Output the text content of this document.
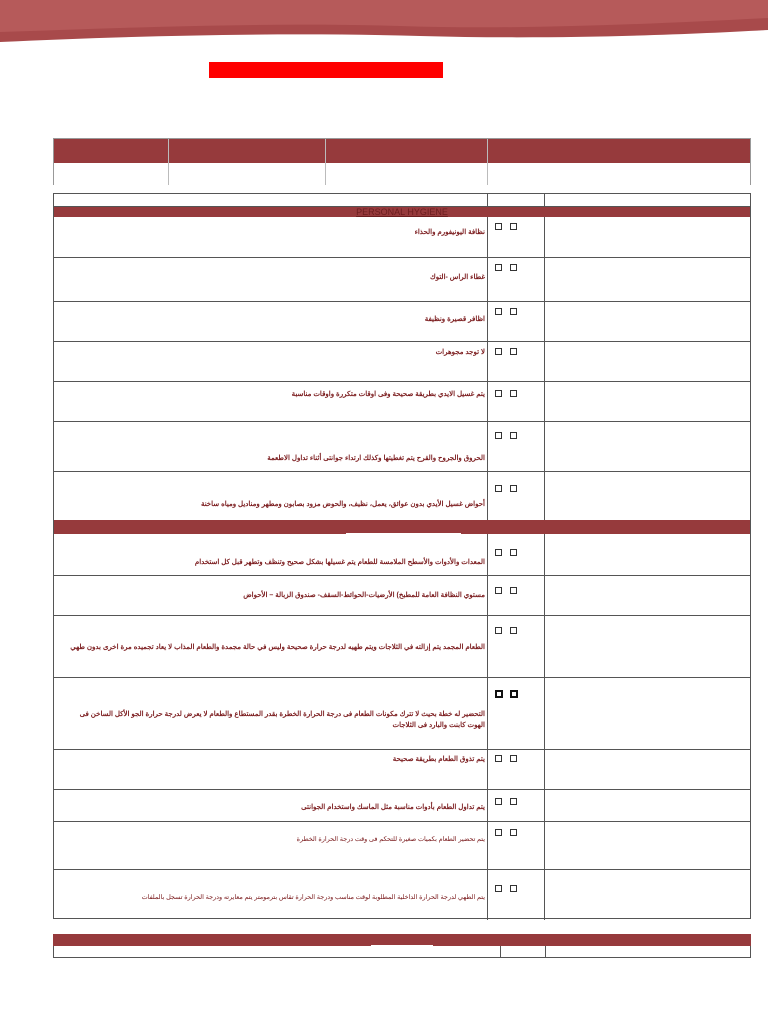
PERSONAL HYGIENE
نظافة اليونيفورم والحذاء
غطاء الراس -التوك
اظافر قصيرة ونظيفة
لا توجد مجوهرات
يتم غسيل الايدي بطريقة صحيحة وفى اوقات متكررة واوقات مناسبة
الحروق والجروح والقرح يتم تغطيتها وكذلك ارتداء جوانتى أثناء تداول الاطعمة
أحواض غسيل الأيدي بدون عوائق، يعمل، نظيف، والحوض مزود بصابون ومطهر ومناديل ومياه ساخنة
المعدات والأدوات والأسطح الملامسة للطعام يتم غسيلها بشكل صحيح وتنظف وتطهر قبل كل استخدام
مستوي النظافة العامة للمطبخ) الأرضيات-الحوائط-السقف- صندوق الزبالة – الأحواض
الطعام المجمد يتم إزالته في الثلاجات ويتم طهيه لدرجة حرارة صحيحة وليس في حالة مجمدة والطعام المذاب لا يعاد تجميده مرة اخرى بدون طهي
التحضير له خطة بحيث لا تترك مكونات الطعام فى درجة الحرارة الخطرة بقدر المستطاع والطعام لا يعرض لدرجة حرارة الجو الأكل الساخن فى الهوت كابنت والبارد فى الثلاجات
يتم تذوق الطعام بطريقة صحيحة
يتم تداول الطعام بأدوات مناسبة مثل الماسك واستخدام الجوانتى
يتم تحضير الطعام بكميات صغيرة للتحكم فى وقت درجة الحرارة الخطرة
يتم الطهي لدرجة الحرارة الداخلية المطلوبة لوقت مناسب ودرجة الحرارة تقاس بترمومتر يتم معايرته ودرجة الحرارة تسجل بالملفات
